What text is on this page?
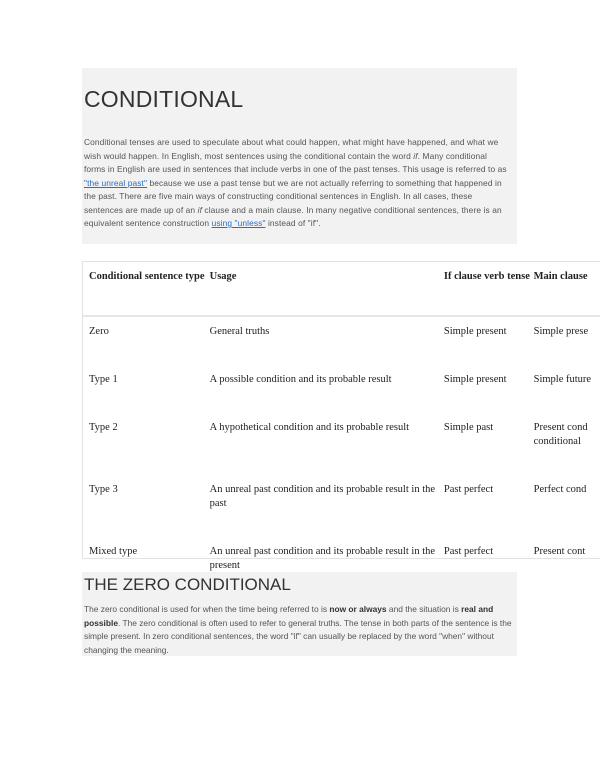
CONDITIONAL

Conditional tenses are used to speculate about what could happen, what might have happened, and what we wish would happen. In English, most sentences using the conditional contain the word if. Many conditional forms in English are used in sentences that include verbs in one of the past tenses. This usage is referred to as "the unreal past" because we use a past tense but we are not actually referring to something that happened in the past. There are five main ways of constructing conditional sentences in English. In all cases, these sentences are made up of an if clause and a main clause. In many negative conditional sentences, there is an equivalent sentence construction using "unless" instead of "if".

Conditional sentence type	Usage	If clause verb tense	Main clause
Zero	General truths	Simple present	Simple prese
Type 1	A possible condition and its probable result	Simple present	Simple future
Type 2	A hypothetical condition and its probable result	Simple past	Present cond conditional
Type 3	An unreal past condition and its probable result in the past	Past perfect	Perfect cond
Mixed type	An unreal past condition and its probable result in the present	Past perfect	Present cont
THE ZERO CONDITIONAL

The zero conditional is used for when the time being referred to is now or always and the situation is real and possible. The zero conditional is often used to refer to general truths. The tense in both parts of the sentence is the simple present. In zero conditional sentences, the word "if" can usually be replaced by the word "when" without changing the meaning.
